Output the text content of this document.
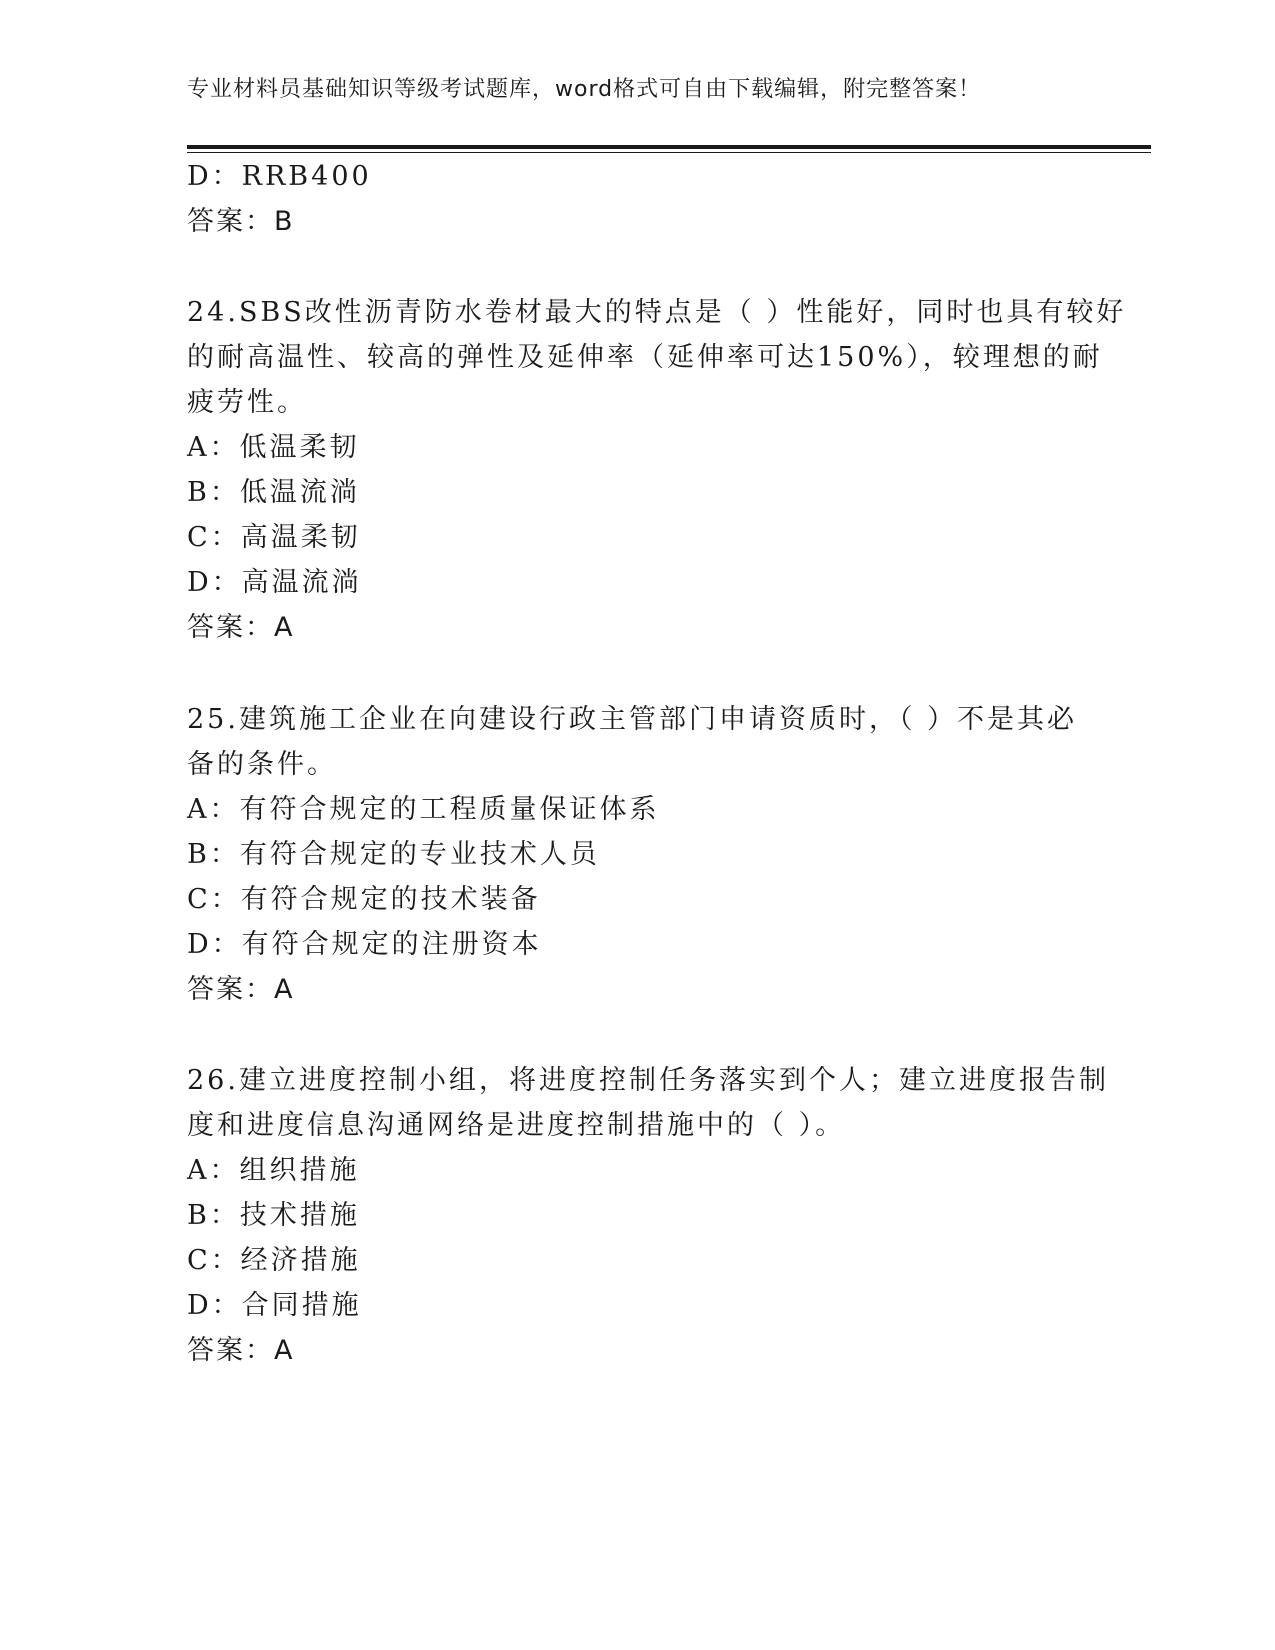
专业材料员基础知识等级考试题库，word格式可自由下载编辑，附完整答案！
D：RRB400
答案：B
24.SBS改性沥青防水卷材最大的特点是（ ）性能好，同时也具有较好
的耐高温性、较高的弹性及延伸率（延伸率可达150%），较理想的耐
疲劳性。
A：低温柔韧
B：低温流淌
C：高温柔韧
D：高温流淌
答案：A
25.建筑施工企业在向建设行政主管部门申请资质时，（ ）不是其必
备的条件。
A：有符合规定的工程质量保证体系
B：有符合规定的专业技术人员
C：有符合规定的技术装备
D：有符合规定的注册资本
答案：A
26.建立进度控制小组，将进度控制任务落实到个人；建立进度报告制
度和进度信息沟通网络是进度控制措施中的（ ）。
A：组织措施
B：技术措施
C：经济措施
D：合同措施
答案：A
